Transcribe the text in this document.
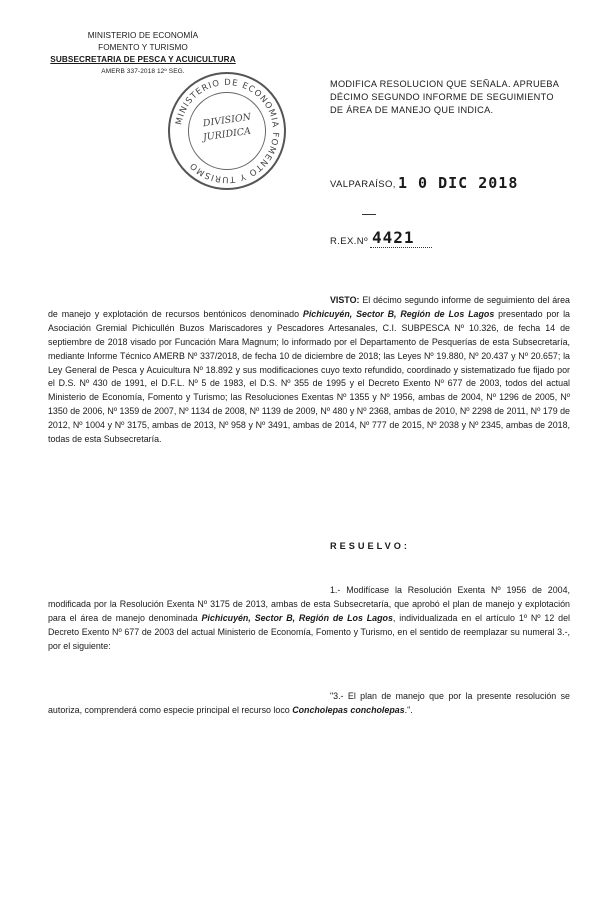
MINISTERIO DE ECONOMÍA
FOMENTO Y TURISMO
SUBSECRETARIA DE PESCA Y ACUICULTURA
AMERB 337-2018 12º SEG.
MINISTERIO DE ECONOMIA FOMENTO Y TURISMO
DIVISION
JURIDICA
MODIFICA RESOLUCION QUE SEÑALA. APRUEBA
DÉCIMO SEGUNDO INFORME DE SEGUIMIENTO
DE ÁREA DE MANEJO QUE INDICA.
VALPARAÍSO, 1 0 DIC 2018
R.EX.Nº 4421
VISTO: El décimo segundo informe de seguimiento del área de manejo y explotación de recursos bentónicos denominado Pichicuyén, Sector B, Región de Los Lagos presentado por la Asociación Gremial Pichicullén Buzos Mariscadores y Pescadores Artesanales, C.I. SUBPESCA Nº 10.326, de fecha 14 de septiembre de 2018 visado por Funcación Mara Magnum; lo informado por el Departamento de Pesquerías de esta Subsecretaría, mediante Informe Técnico AMERB Nº 337/2018, de fecha 10 de diciembre de 2018; las Leyes Nº 19.880, Nº 20.437 y Nº 20.657; la Ley General de Pesca y Acuicultura Nº 18.892 y sus modificaciones cuyo texto refundido, coordinado y sistematizado fue fijado por el D.S. Nº 430 de 1991, el D.F.L. Nº 5 de 1983, el D.S. Nº 355 de 1995 y el Decreto Exento Nº 677 de 2003, todos del actual Ministerio de Economía, Fomento y Turismo; las Resoluciones Exentas Nº 1355 y Nº 1956, ambas de 2004, Nº 1296 de 2005, Nº 1350 de 2006, Nº 1359 de 2007, Nº 1134 de 2008, Nº 1139 de 2009, Nº 480 y Nº 2368, ambas de 2010, Nº 2298 de 2011, Nº 179 de 2012, Nº 1004 y Nº 3175, ambas de 2013, Nº 958 y Nº 3491, ambas de 2014, Nº 777 de 2015, Nº 2038 y Nº 2345, ambas de 2018, todas de esta Subsecretaría.
RESUELVO:
1.- Modifícase la Resolución Exenta Nº 1956 de 2004, modificada por la Resolución Exenta Nº 3175 de 2013, ambas de esta Subsecretaría, que aprobó el plan de manejo y explotación para el área de manejo denominada Pichicuyén, Sector B, Región de Los Lagos, individualizada en el artículo 1º Nº 12 del Decreto Exento Nº 677 de 2003 del actual Ministerio de Economía, Fomento y Turismo, en el sentido de reemplazar su numeral 3.-, por el siguiente:
"3.- El plan de manejo que por la presente resolución se autoriza, comprenderá como especie principal el recurso loco Concholepas concholepas.".
